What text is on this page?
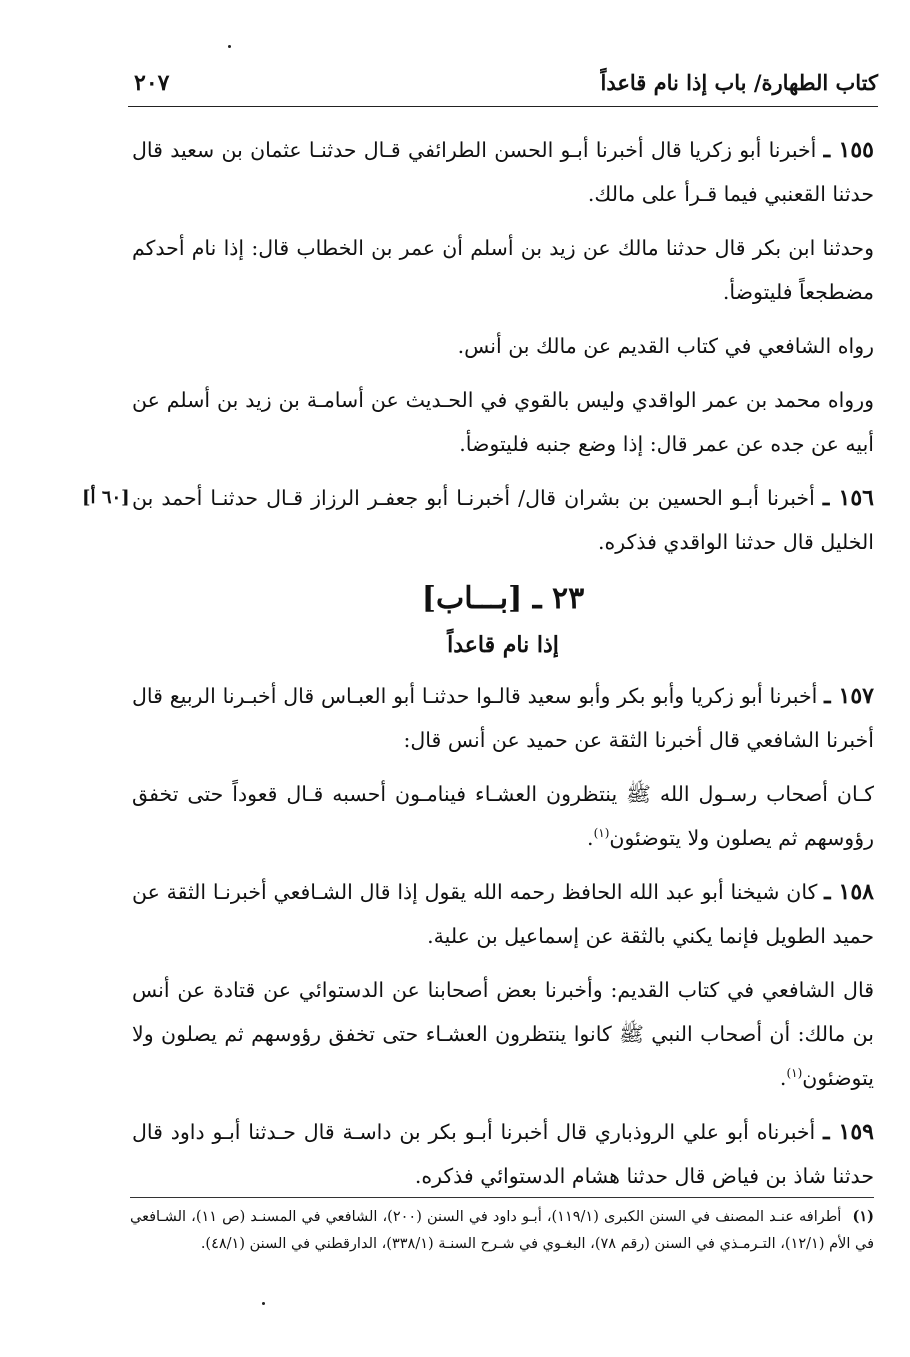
كتاب الطهارة/ باب إذا نام قاعداً
٢٠٧

١٥٥ ـ أخبرنا أبو زكريا قال أخبرنا أبـو الحسن الطرائفي قـال حدثنـا عثمان بن سعيد قال حدثنا القعنبي فيما قـرأ على مالك.

وحدثنا ابن بكر قال حدثنا مالك عن زيد بن أسلم أن عمر بن الخطاب قال: إذا نام أحدكم مضطجعاً فليتوضأ.

رواه الشافعي في كتاب القديم عن مالك بن أنس.

ورواه محمد بن عمر الواقدي وليس بالقوي في الحـديث عن أسامـة بن زيد بن أسلم عن أبيه عن جده عن عمر قال: إذا وضع جنبه فليتوضأ.

[٦٠ أ]	١٥٦ ـ أخبرنا أبـو الحسين بن بشران قال/ أخبرنـا أبو جعفـر الرزاز قـال حدثنـا أحمد بن الخليل قال حدثنا الواقدي فذكره.

٢٣ ـ [بـــاب]
إذا نام قاعداً

١٥٧ ـ أخبرنا أبو زكريا وأبو بكر وأبو سعيد قالـوا حدثنـا أبو العبـاس قال أخبـرنا الربيع قال أخبرنا الشافعي قال أخبرنا الثقة عن حميد عن أنس قال:

كـان أصحاب رسـول الله ﷺ ينتظرون العشـاء فينامـون أحسبه قـال قعوداً حتى تخفق رؤوسهم ثم يصلون ولا يتوضئون$^{(١)}$.

١٥٨ ـ كان شيخنا أبو عبد الله الحافظ رحمه الله يقول إذا قال الشـافعي أخبرنـا الثقة عن حميد الطويل فإنما يكني بالثقة عن إسماعيل بن علية.

قال الشافعي في كتاب القديم: وأخبرنا بعض أصحابنا عن الدستوائي عن قتادة عن أنس بن مالك: أن أصحاب النبي ﷺ كانوا ينتظرون العشـاء حتى تخفق رؤوسهم ثم يصلون ولا يتوضئون$^{(١)}$.

١٥٩ ـ أخبرناه أبو علي الروذباري قال أخبرنا أبـو بكر بن داسـة قال حـدثنا أبـو داود قال حدثنا شاذ بن فياض قال حدثنا هشام الدستوائي فذكره.

(١) أطرافه عنـد المصنف في السنن الكبرى (١١٩/١)، أبـو داود في السنن (٢٠٠)، الشافعي في المسنـد (ص ١١)، الشـافعي في الأم (١٢/١)، التـرمـذي في السنن (رقم ٧٨)، البغـوي في شـرح السنـة (٣٣٨/١)، الدارقطني في السنن (٤٨/١).
